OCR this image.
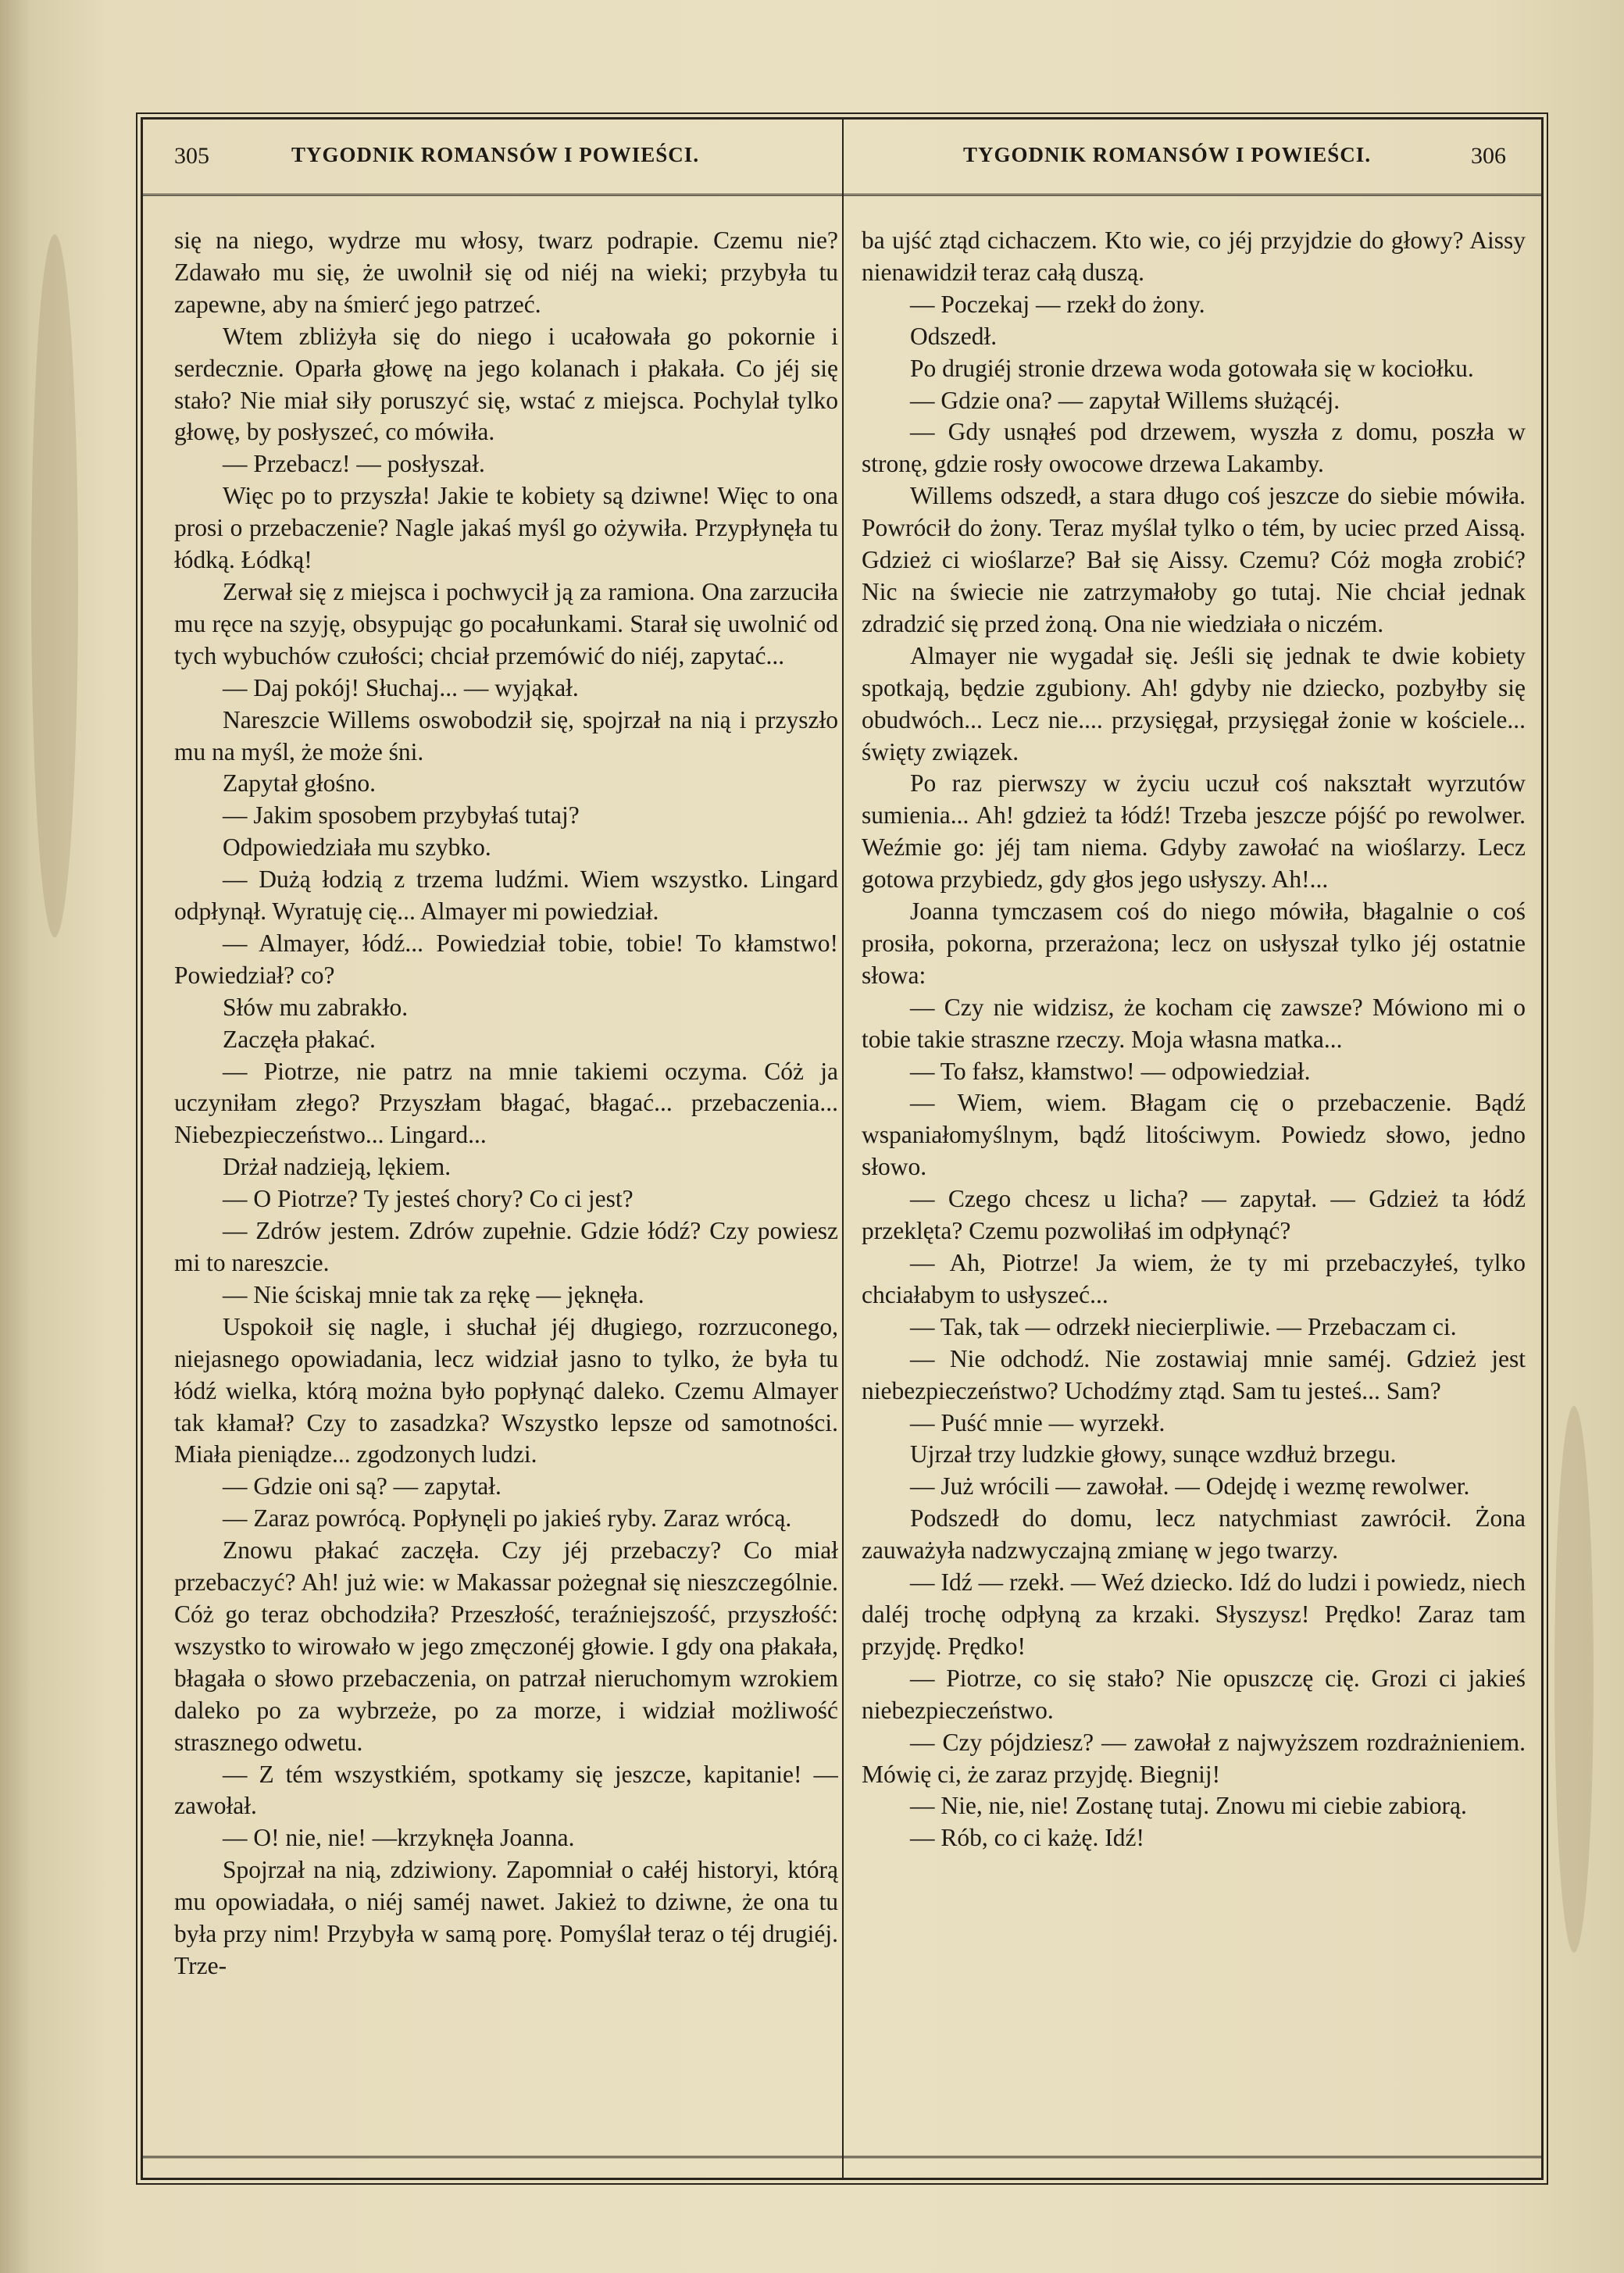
305	TYGODNIK ROMANSÓW I POWIEŚCI.	TYGODNIK ROMANSÓW I POWIEŚCI.	306

się na niego, wydrze mu włosy, twarz podrapie. Czemu nie? Zdawało mu się, że uwolnił się od niéj na wieki; przybyła tu zapewne, aby na śmierć jego patrzeć.

Wtem zbliżyła się do niego i ucałowała go pokornie i serdecznie. Oparła głowę na jego kolanach i płakała. Co jéj się stało? Nie miał siły poruszyć się, wstać z miejsca. Pochylał tylko głowę, by posłyszeć, co mówiła.

— Przebacz! — posłyszał.

Więc po to przyszła! Jakie te kobiety są dziwne! Więc to ona prosi o przebaczenie? Nagle jakaś myśl go ożywiła. Przypłynęła tu łódką. Łódką!

Zerwał się z miejsca i pochwycił ją za ramiona. Ona zarzuciła mu ręce na szyję, obsypując go pocałunkami. Starał się uwolnić od tych wybuchów czułości; chciał przemówić do niéj, zapytać...

— Daj pokój! Słuchaj... — wyjąkał.

Nareszcie Willems oswobodził się, spojrzał na nią i przyszło mu na myśl, że może śni.

Zapytał głośno.

— Jakim sposobem przybyłaś tutaj?

Odpowiedziała mu szybko.

— Dużą łodzią z trzema ludźmi. Wiem wszystko. Lingard odpłynął. Wyratuję cię... Almayer mi powiedział.

— Almayer, łódź... Powiedział tobie, tobie! To kłamstwo! Powiedział? co?

Słów mu zabrakło.

Zaczęła płakać.

— Piotrze, nie patrz na mnie takiemi oczyma. Cóż ja uczyniłam złego? Przyszłam błagać, błagać... przebaczenia... Niebezpieczeństwo... Lingard...

Drżał nadzieją, lękiem.

— O Piotrze? Ty jesteś chory? Co ci jest?

— Zdrów jestem. Zdrów zupełnie. Gdzie łódź? Czy powiesz mi to nareszcie.

— Nie ściskaj mnie tak za rękę — jęknęła.

Uspokoił się nagle, i słuchał jéj długiego, rozrzuconego, niejasnego opowiadania, lecz widział jasno to tylko, że była tu łódź wielka, którą można było popłynąć daleko. Czemu Almayer tak kłamał? Czy to zasadzka? Wszystko lepsze od samotności. Miała pieniądze... zgodzonych ludzi.

— Gdzie oni są? — zapytał.

— Zaraz powrócą. Popłynęli po jakieś ryby. Zaraz wrócą.

Znowu płakać zaczęła. Czy jéj przebaczy? Co miał przebaczyć? Ah! już wie: w Makassar pożegnał się nieszczególnie. Cóż go teraz obchodziła? Przeszłość, teraźniejszość, przyszłość: wszystko to wirowało w jego zmęczonéj głowie. I gdy ona płakała, błagała o słowo przebaczenia, on patrzał nieruchomym wzrokiem daleko po za wybrzeże, po za morze, i widział możliwość strasznego odwetu.

— Z tém wszystkiém, spotkamy się jeszcze, kapitanie! — zawołał.

— O! nie, nie! —krzyknęła Joanna.

Spojrzał na nią, zdziwiony. Zapomniał o całéj historyi, którą mu opowiadała, o niéj saméj nawet. Jakież to dziwne, że ona tu była przy nim! Przybyła w samą porę. Pomyślał teraz o téj drugiéj. Trze-

ba ujść ztąd cichaczem. Kto wie, co jéj przyjdzie do głowy? Aissy nienawidził teraz całą duszą.

— Poczekaj — rzekł do żony.

Odszedł.

Po drugiéj stronie drzewa woda gotowała się w kociołku.

— Gdzie ona? — zapytał Willems służącéj.

— Gdy usnąłeś pod drzewem, wyszła z domu, poszła w stronę, gdzie rosły owocowe drzewa Lakamby.

Willems odszedł, a stara długo coś jeszcze do siebie mówiła. Powrócił do żony. Teraz myślał tylko o tém, by uciec przed Aissą. Gdzież ci wioślarze? Bał się Aissy. Czemu? Cóż mogła zrobić? Nic na świecie nie zatrzymałoby go tutaj. Nie chciał jednak zdradzić się przed żoną. Ona nie wiedziała o niczém.

Almayer nie wygadał się. Jeśli się jednak te dwie kobiety spotkają, będzie zgubiony. Ah! gdyby nie dziecko, pozbyłby się obudwóch... Lecz nie.... przysięgał, przysięgał żonie w kościele... święty związek.

Po raz pierwszy w życiu uczuł coś nakształt wyrzutów sumienia... Ah! gdzież ta łódź! Trzeba jeszcze pójść po rewolwer. Weźmie go: jéj tam niema. Gdyby zawołać na wioślarzy. Lecz gotowa przybiedz, gdy głos jego usłyszy. Ah!...

Joanna tymczasem coś do niego mówiła, błagalnie o coś prosiła, pokorna, przerażona; lecz on usłyszał tylko jéj ostatnie słowa:

— Czy nie widzisz, że kocham cię zawsze? Mówiono mi o tobie takie straszne rzeczy. Moja własna matka...

— To fałsz, kłamstwo! — odpowiedział.

— Wiem, wiem. Błagam cię o przebaczenie. Bądź wspaniałomyślnym, bądź litościwym. Powiedz słowo, jedno słowo.

— Czego chcesz u licha? — zapytał. — Gdzież ta łódź przeklęta? Czemu pozwoliłaś im odpłynąć?

— Ah, Piotrze! Ja wiem, że ty mi przebaczyłeś, tylko chciałabym to usłyszeć...

— Tak, tak — odrzekł niecierpliwie. — Przebaczam ci.

— Nie odchodź. Nie zostawiaj mnie saméj. Gdzież jest niebezpieczeństwo? Uchodźmy ztąd. Sam tu jesteś... Sam?

— Puść mnie — wyrzekł.

Ujrzał trzy ludzkie głowy, sunące wzdłuż brzegu.

— Już wrócili — zawołał. — Odejdę i wezmę rewolwer.

Podszedł do domu, lecz natychmiast zawrócił. Żona zauważyła nadzwyczajną zmianę w jego twarzy.

— Idź — rzekł. — Weź dziecko. Idź do ludzi i powiedz, niech daléj trochę odpłyną za krzaki. Słyszysz! Prędko! Zaraz tam przyjdę. Prędko!

— Piotrze, co się stało? Nie opuszczę cię. Grozi ci jakieś niebezpieczeństwo.

— Czy pójdziesz? — zawołał z najwyższem rozdrażnieniem. Mówię ci, że zaraz przyjdę. Biegnij!

— Nie, nie, nie! Zostanę tutaj. Znowu mi ciebie zabiorą.

— Rób, co ci każę. Idź!
